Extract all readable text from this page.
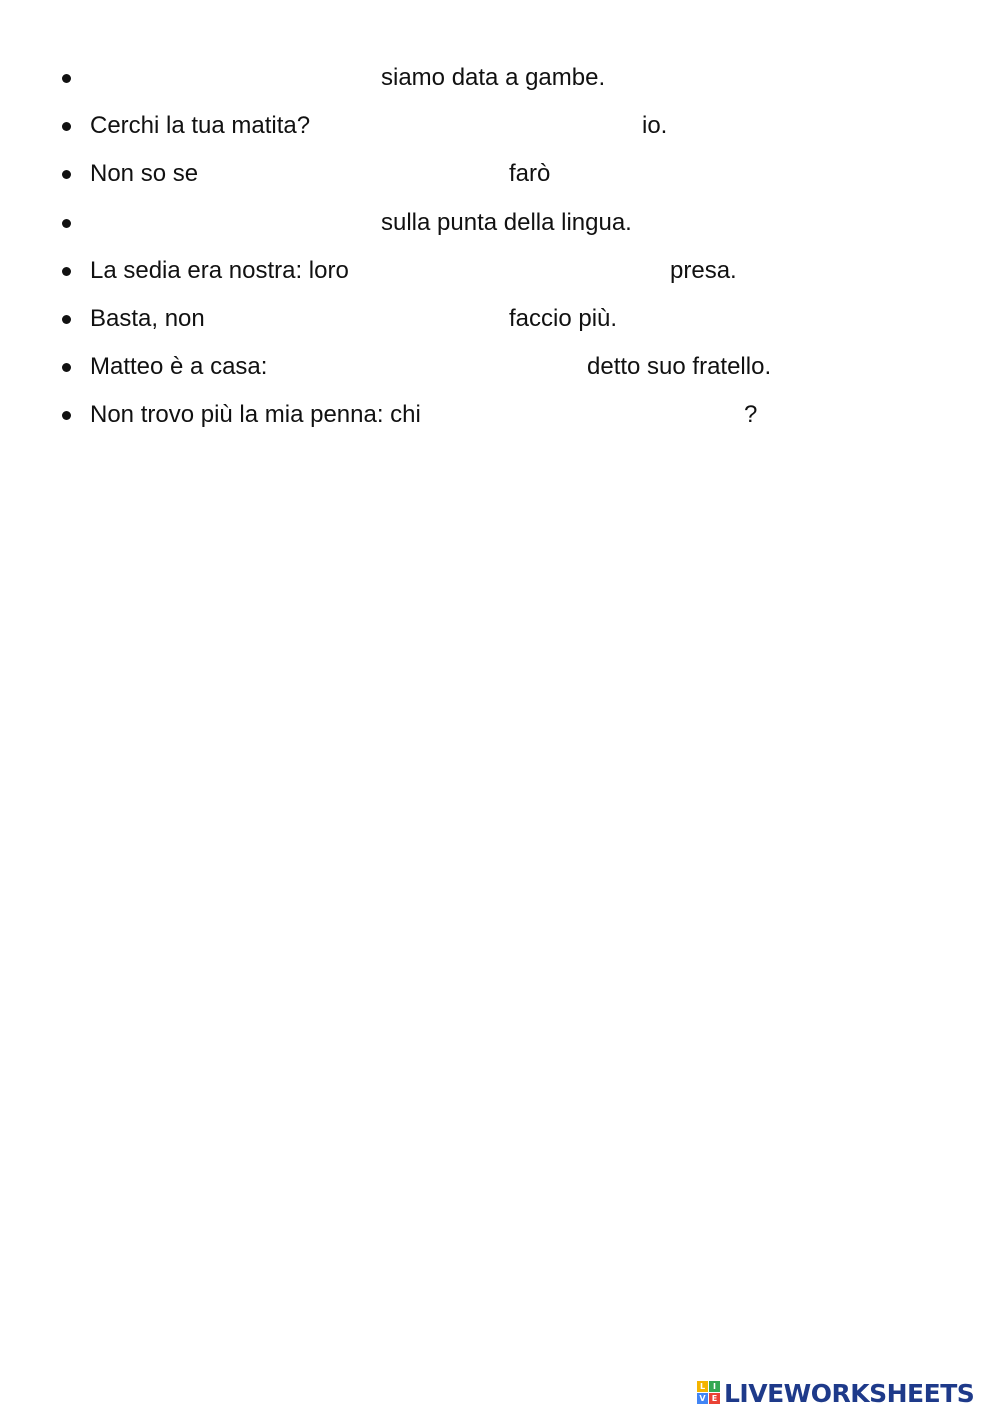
siamo data a gambe.
Cerchi la tua matita?	io.
Non so se	farò
sulla punta della lingua.
La sedia era nostra: loro	presa.
Basta, non	faccio più.
Matteo è a casa:	detto suo fratello.
Non trovo più la mia penna: chi	?
L I
V E LIVEWORKSHEETS
